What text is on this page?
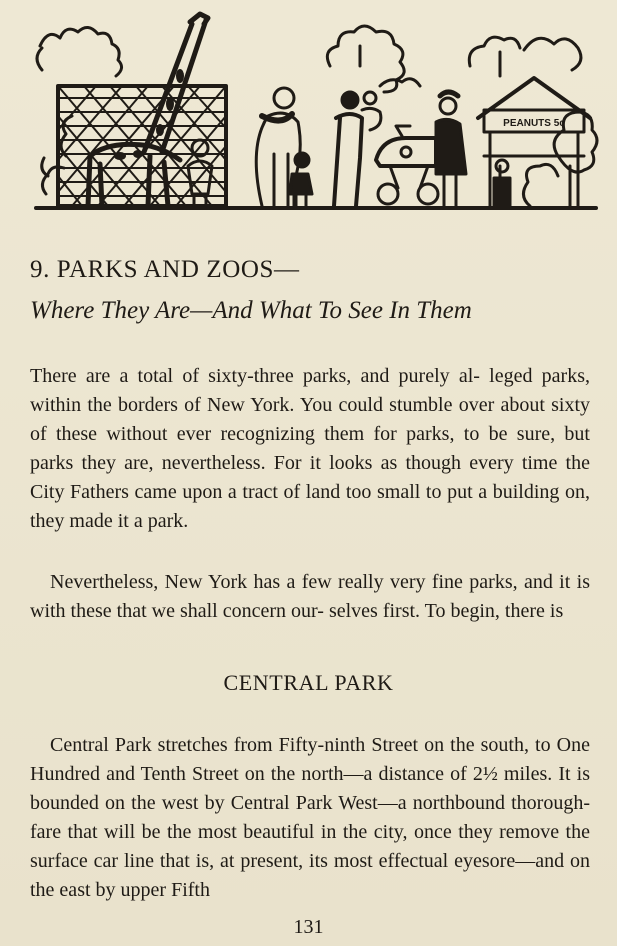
PEANUTS 5c
9. PARKS AND ZOOS—
Where They Are—And What To See In Them

There are a total of sixty-three parks, and purely al- leged parks, within the borders of New York. You could stumble over about sixty of these without ever recognizing them for parks, to be sure, but parks they are, nevertheless. For it looks as though every time the City Fathers came upon a tract of land too small to put a building on, they made it a park.

Nevertheless, New York has a few really very fine parks, and it is with these that we shall concern our- selves first. To begin, there is

CENTRAL PARK

Central Park stretches from Fifty-ninth Street on the south, to One Hundred and Tenth Street on the north—a distance of 2½ miles. It is bounded on the west by Central Park West—a northbound thorough- fare that will be the most beautiful in the city, once they remove the surface car line that is, at present, its most effectual eyesore—and on the east by upper Fifth

131
